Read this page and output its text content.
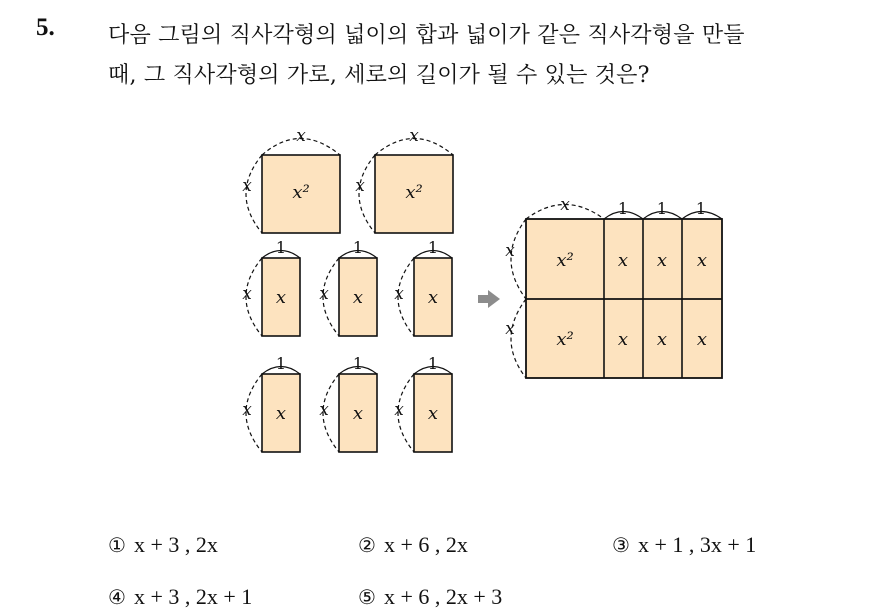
5. 다음 그림의 직사각형의 넓이의 합과 넓이가 같은 직사각형을 만들
때, 그 직사각형의 가로, 세로의 길이가 될 수 있는 것은?
x
x x²
x
x x²
1
x x
1
x x
1
x x
1
x x
1
x x
1
x x
x	1 1 1
x
x
x² x x x
x² x x x
① x + 3 , 2x	② x + 6 , 2x	③ x + 1 , 3x + 1
④ x + 3 , 2x + 1	⑤ x + 6 , 2x + 3
